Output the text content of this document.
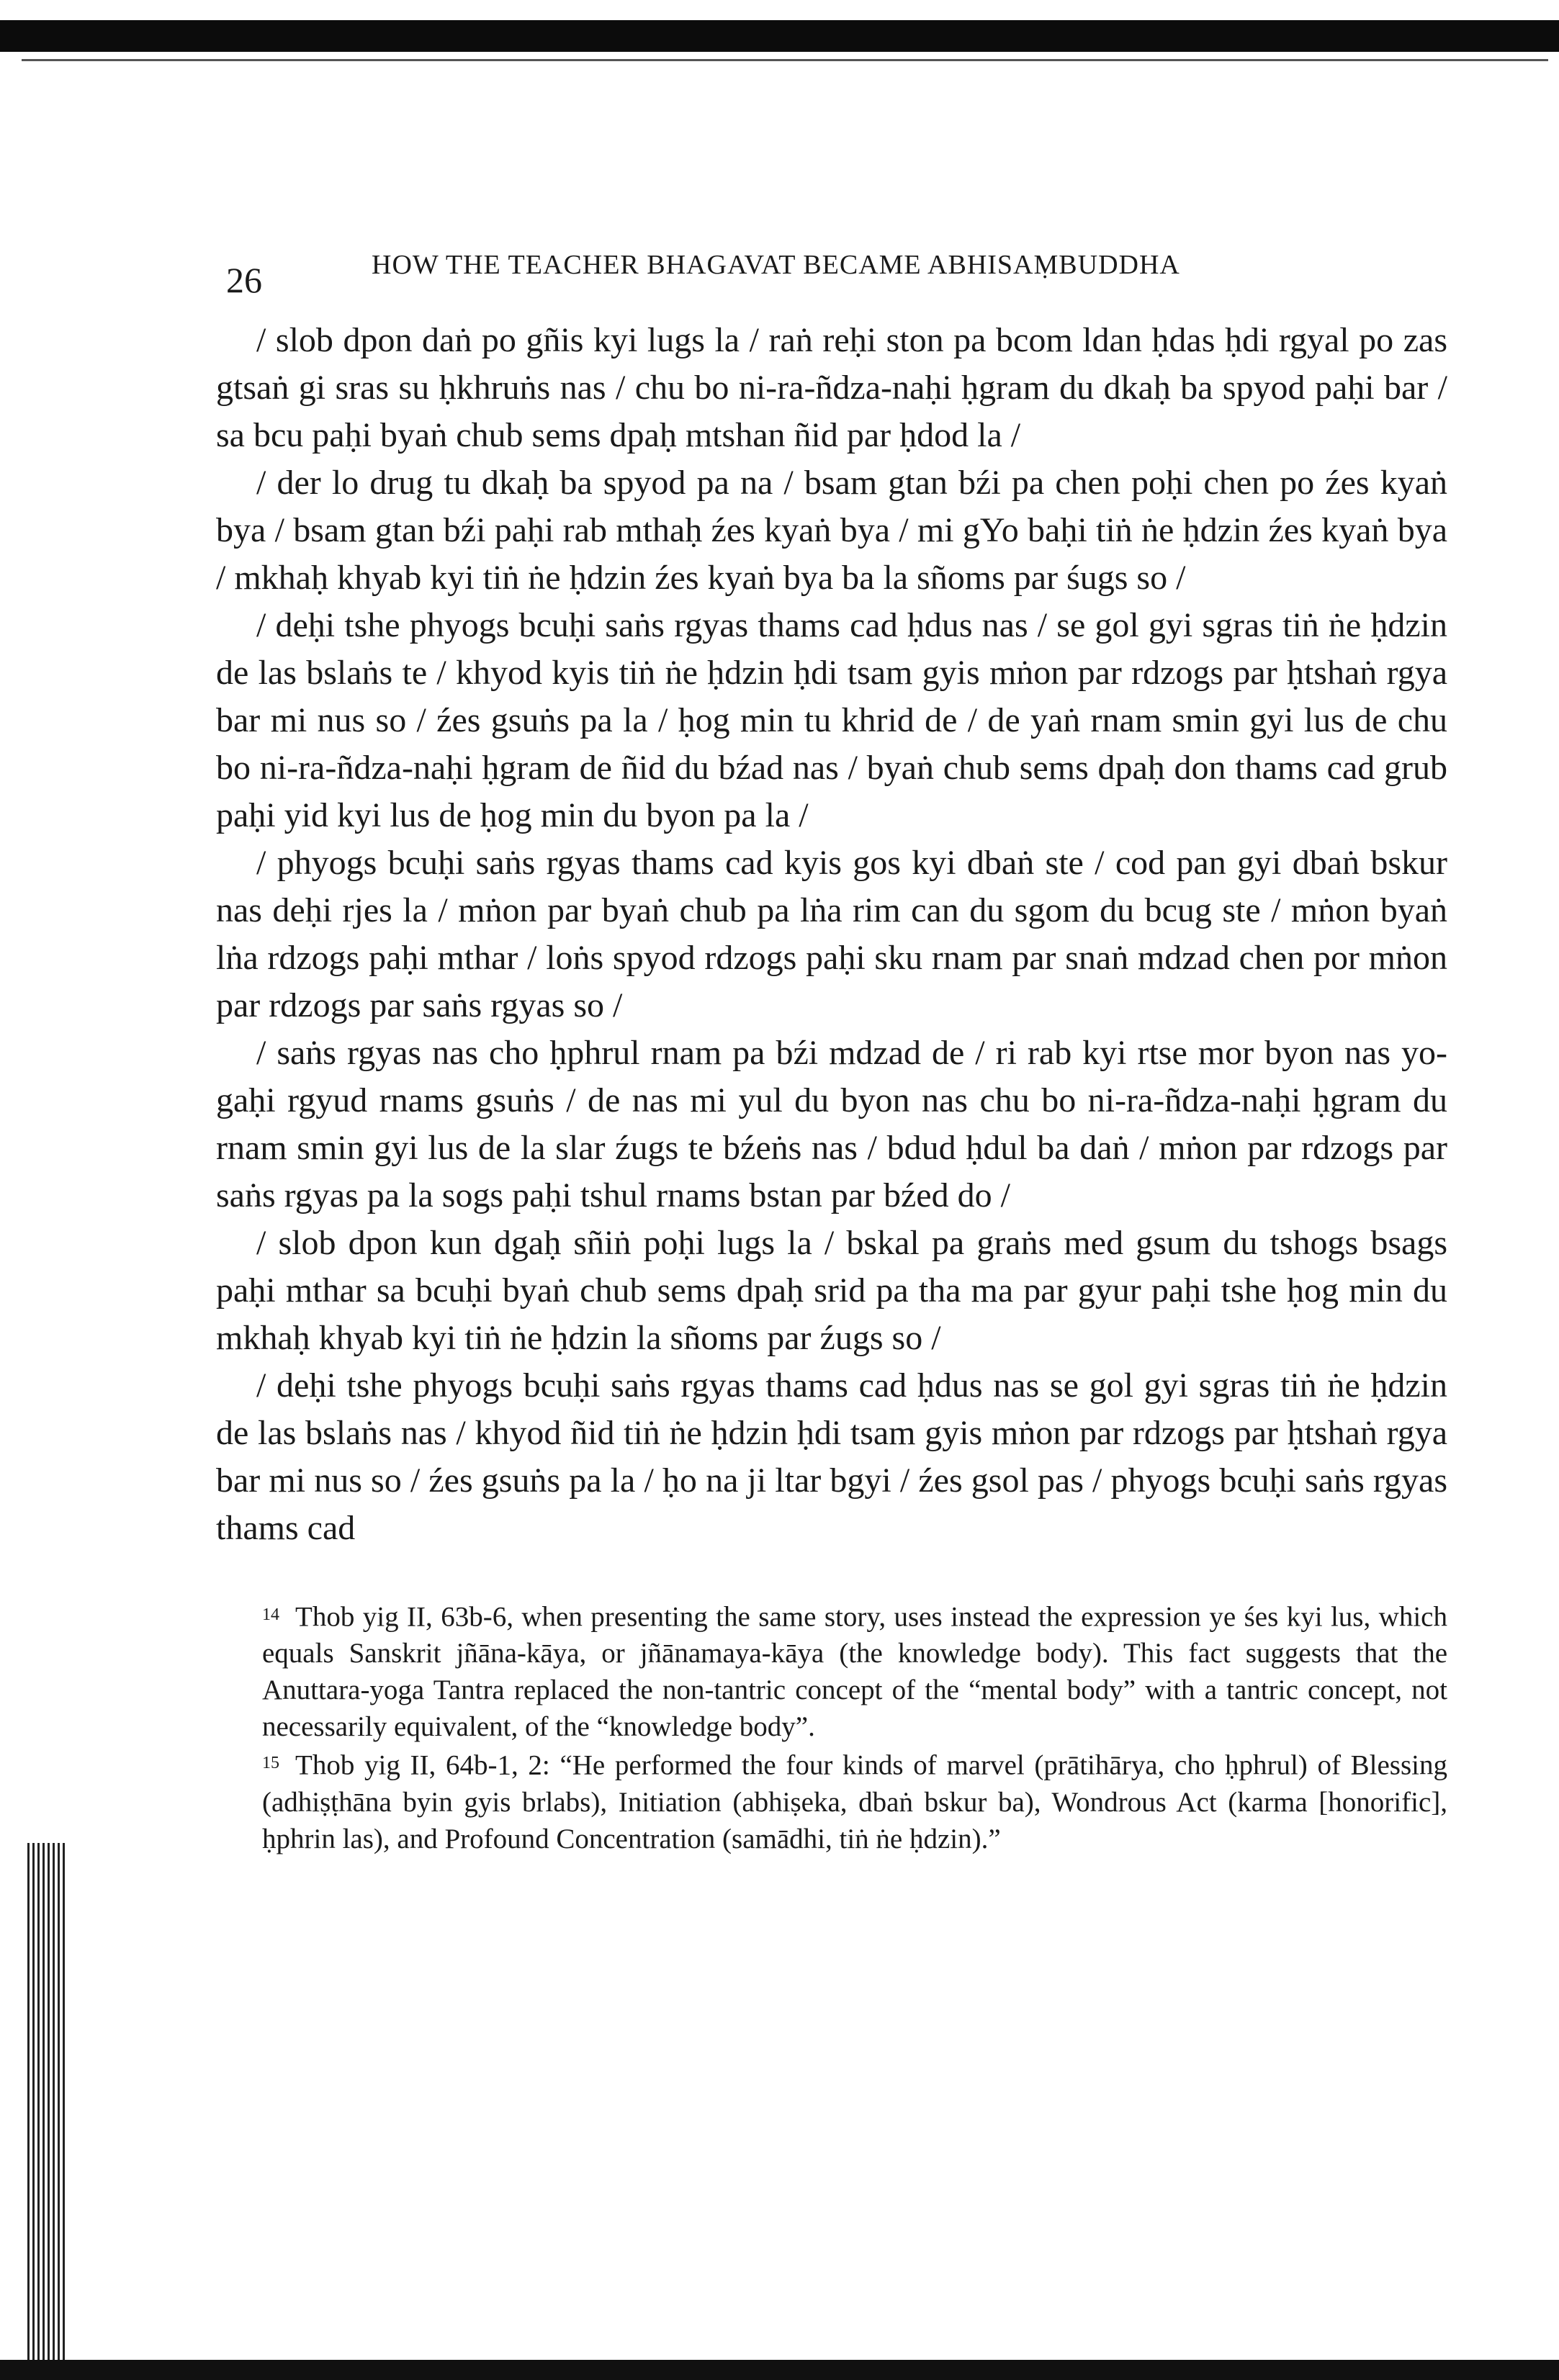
26	HOW THE TEACHER BHAGAVAT BECAME ABHISAṂBUDDHA

/ slob dpon daṅ po gñis kyi lugs la / raṅ reḥi ston pa bcom ldan ḥdas ḥdi rgyal po zas gtsaṅ gi sras su ḥkhruṅs nas / chu bo ni-ra-ñdza-naḥi ḥgram du dkaḥ ba spyod paḥi bar / sa bcu paḥi byaṅ chub sems dpaḥ mtshan ñid par ḥdod la /

/ der lo drug tu dkaḥ ba spyod pa na / bsam gtan bźi pa chen poḥi chen po źes kyaṅ bya / bsam gtan bźi paḥi rab mthaḥ źes kyaṅ bya / mi gYo baḥi tiṅ ṅe ḥdzin źes kyaṅ bya / mkhaḥ khyab kyi tiṅ ṅe ḥdzin źes kyaṅ bya ba la sñoms par śugs so /

/ deḥi tshe phyogs bcuḥi saṅs rgyas thams cad ḥdus nas / se gol gyi sgras tiṅ ṅe ḥdzin de las bslaṅs te / khyod kyis tiṅ ṅe ḥdzin ḥdi tsam gyis mṅon par rdzogs par ḥtshaṅ rgya bar mi nus so / źes gsuṅs pa la / ḥog min tu khrid de / de yaṅ rnam smin gyi lus de chu bo ni-ra-ñdza-naḥi ḥgram de ñid du bźad nas / byaṅ chub sems dpaḥ don thams cad grub paḥi yid kyi lus de ḥog min du byon pa la /

/ phyogs bcuḥi saṅs rgyas thams cad kyis gos kyi dbaṅ ste / cod pan gyi dbaṅ bskur nas deḥi rjes la / mṅon par byaṅ chub pa lṅa rim can du sgom du bcug ste / mṅon byaṅ lṅa rdzogs paḥi mthar / loṅs spyod rdzogs paḥi sku rnam par snaṅ mdzad chen por mṅon par rdzogs par saṅs rgyas so /

/ saṅs rgyas nas cho ḥphrul rnam pa bźi mdzad de / ri rab kyi rtse mor byon nas yo-gaḥi rgyud rnams gsuṅs / de nas mi yul du byon nas chu bo ni-ra-ñdza-naḥi ḥgram du rnam smin gyi lus de la slar źugs te bźeṅs nas / bdud ḥdul ba daṅ / mṅon par rdzogs par saṅs rgyas pa la sogs paḥi tshul rnams bstan par bźed do /

/ slob dpon kun dgaḥ sñiṅ poḥi lugs la / bskal pa graṅs med gsum du tshogs bsags paḥi mthar sa bcuḥi byaṅ chub sems dpaḥ srid pa tha ma par gyur paḥi tshe ḥog min du mkhaḥ khyab kyi tiṅ ṅe ḥdzin la sñoms par źugs so /

/ deḥi tshe phyogs bcuḥi saṅs rgyas thams cad ḥdus nas se gol gyi sgras tiṅ ṅe ḥdzin de las bslaṅs nas / khyod ñid tiṅ ṅe ḥdzin ḥdi tsam gyis mṅon par rdzogs par ḥtshaṅ rgya bar mi nus so / źes gsuṅs pa la / ḥo na ji ltar bgyi / źes gsol pas / phyogs bcuḥi saṅs rgyas thams cad

$^{14}$ Thob yig II, 63b-6, when presenting the same story, uses instead the expression ye śes kyi lus, which equals Sanskrit jñāna-kāya, or jñānamaya-kāya (the knowledge body). This fact suggests that the Anuttara-yoga Tantra replaced the non-tantric concept of the “mental body” with a tantric concept, not necessarily equivalent, of the “knowledge body”.

$^{15}$ Thob yig II, 64b-1, 2: “He performed the four kinds of marvel (prātihārya, cho ḥphrul) of Blessing (adhiṣṭhāna byin gyis brlabs), Initiation (abhiṣeka, dbaṅ bskur ba), Wondrous Act (karma [honorific], ḥphrin las), and Profound Concentration (samādhi, tiṅ ṅe ḥdzin).”
